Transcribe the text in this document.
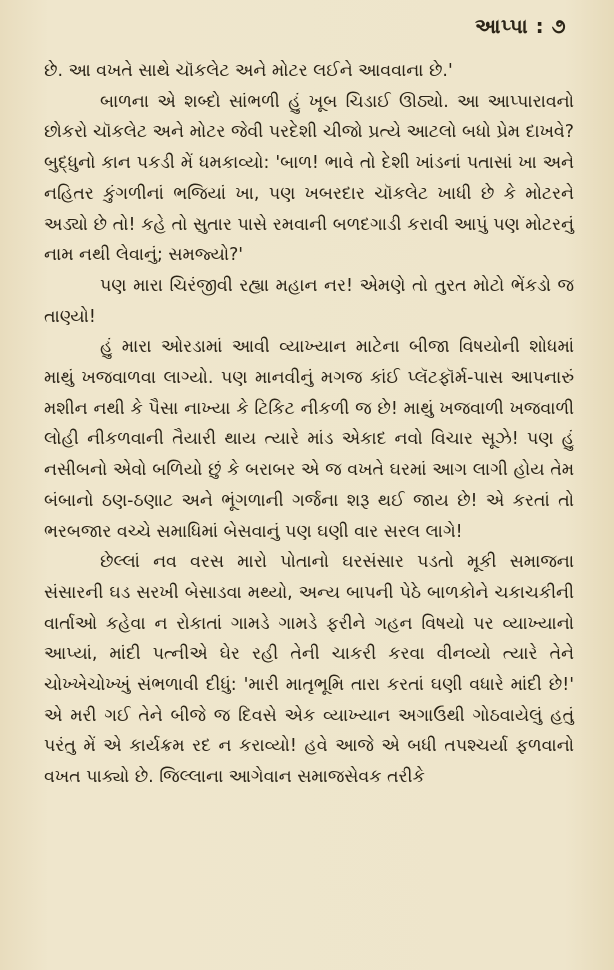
આપ્પા : ૭

છે. આ વખતે સાથે ચૉકલેટ અને મોટર લઈને આવવાના છે.'

બાળના એ શબ્દો સાંભળી હું ખૂબ ચિડાઈ ઊઠ્યો. આ આપ્પારાવનો છોકરો ચૉકલેટ અને મોટર જેવી પરદેશી ચીજો પ્રત્યે આટલો બધો પ્રેમ દાખવે? બુદ્ધુનો કાન પકડી મેં ધમકાવ્યો: 'બાળ! ભાવે તો દેશી ખાંડનાં પતાસાં ખા અને નહિતર કુંગળીનાં ભજિયાં ખા, પણ ખબરદાર ચૉકલેટ ખાધી છે કે મોટરને અડ્યો છે તો! કહે તો સુતાર પાસે રમવાની બળદગાડી કરાવી આપું પણ મોટરનું નામ નથી લેવાનું; સમજ્યો?'

પણ મારા ચિરંજીવી રહ્યા મહાન નર! એમણે તો તુરત મોટો ભેંકડો જ તાણ્યો!

હું મારા ઓરડામાં આવી વ્યાખ્યાન માટેના બીજા વિષયોની શોધમાં માથું ખજવાળવા લાગ્યો. પણ માનવીનું મગજ કાંઈ પ્લૅટફૉર્મ-પાસ આપનારું મશીન નથી કે પૈસા નાખ્યા કે ટિકિટ નીકળી જ છે! માથું ખજવાળી ખજવાળી લોહી નીકળવાની તૈયારી થાય ત્યારે માંડ એકાદ નવો વિચાર સૂઝે! પણ હું નસીબનો એવો બળિયો છું કે બરાબર એ જ વખતે ઘરમાં આગ લાગી હોય તેમ બંબાનો ઠણ-ઠણાટ અને ભૂંગળાની ગર્જના શરૂ થઈ જાય છે! એ કરતાં તો ભરબજાર વચ્ચે સમાધિમાં બેસવાનું પણ ઘણી વાર સરલ લાગે!

છેલ્લાં નવ વરસ મારો પોતાનો ઘરસંસાર પડતો મૂકી સમાજના સંસારની ઘડ સરખી બેસાડવા મથ્યો, અન્ય બાપની પેઠે બાળકોને ચકાચકીની વાર્તાઓ કહેવા ન રોકાતાં ગામડે ગામડે ફરીને ગહન વિષયો પર વ્યાખ્યાનો આપ્યાં, માંદી પત્નીએ ઘેર રહી તેની ચાકરી કરવા વીનવ્યો ત્યારે તેને ચોખ્ખેચોખ્ખું સંભળાવી દીધું: 'મારી માતૃભૂમિ તારા કરતાં ઘણી વધારે માંદી છે!' એ મરી ગઈ તેને બીજે જ દિવસે એક વ્યાખ્યાન અગાઉથી ગોઠવાયેલું હતું પરંતુ મેં એ કાર્યક્રમ રદ ન કરાવ્યો! હવે આજે એ બધી તપશ્ચર્યા ફળવાનો વખત પાક્યો છે. જિલ્લાના આગેવાન સમાજસેવક તરીકે
